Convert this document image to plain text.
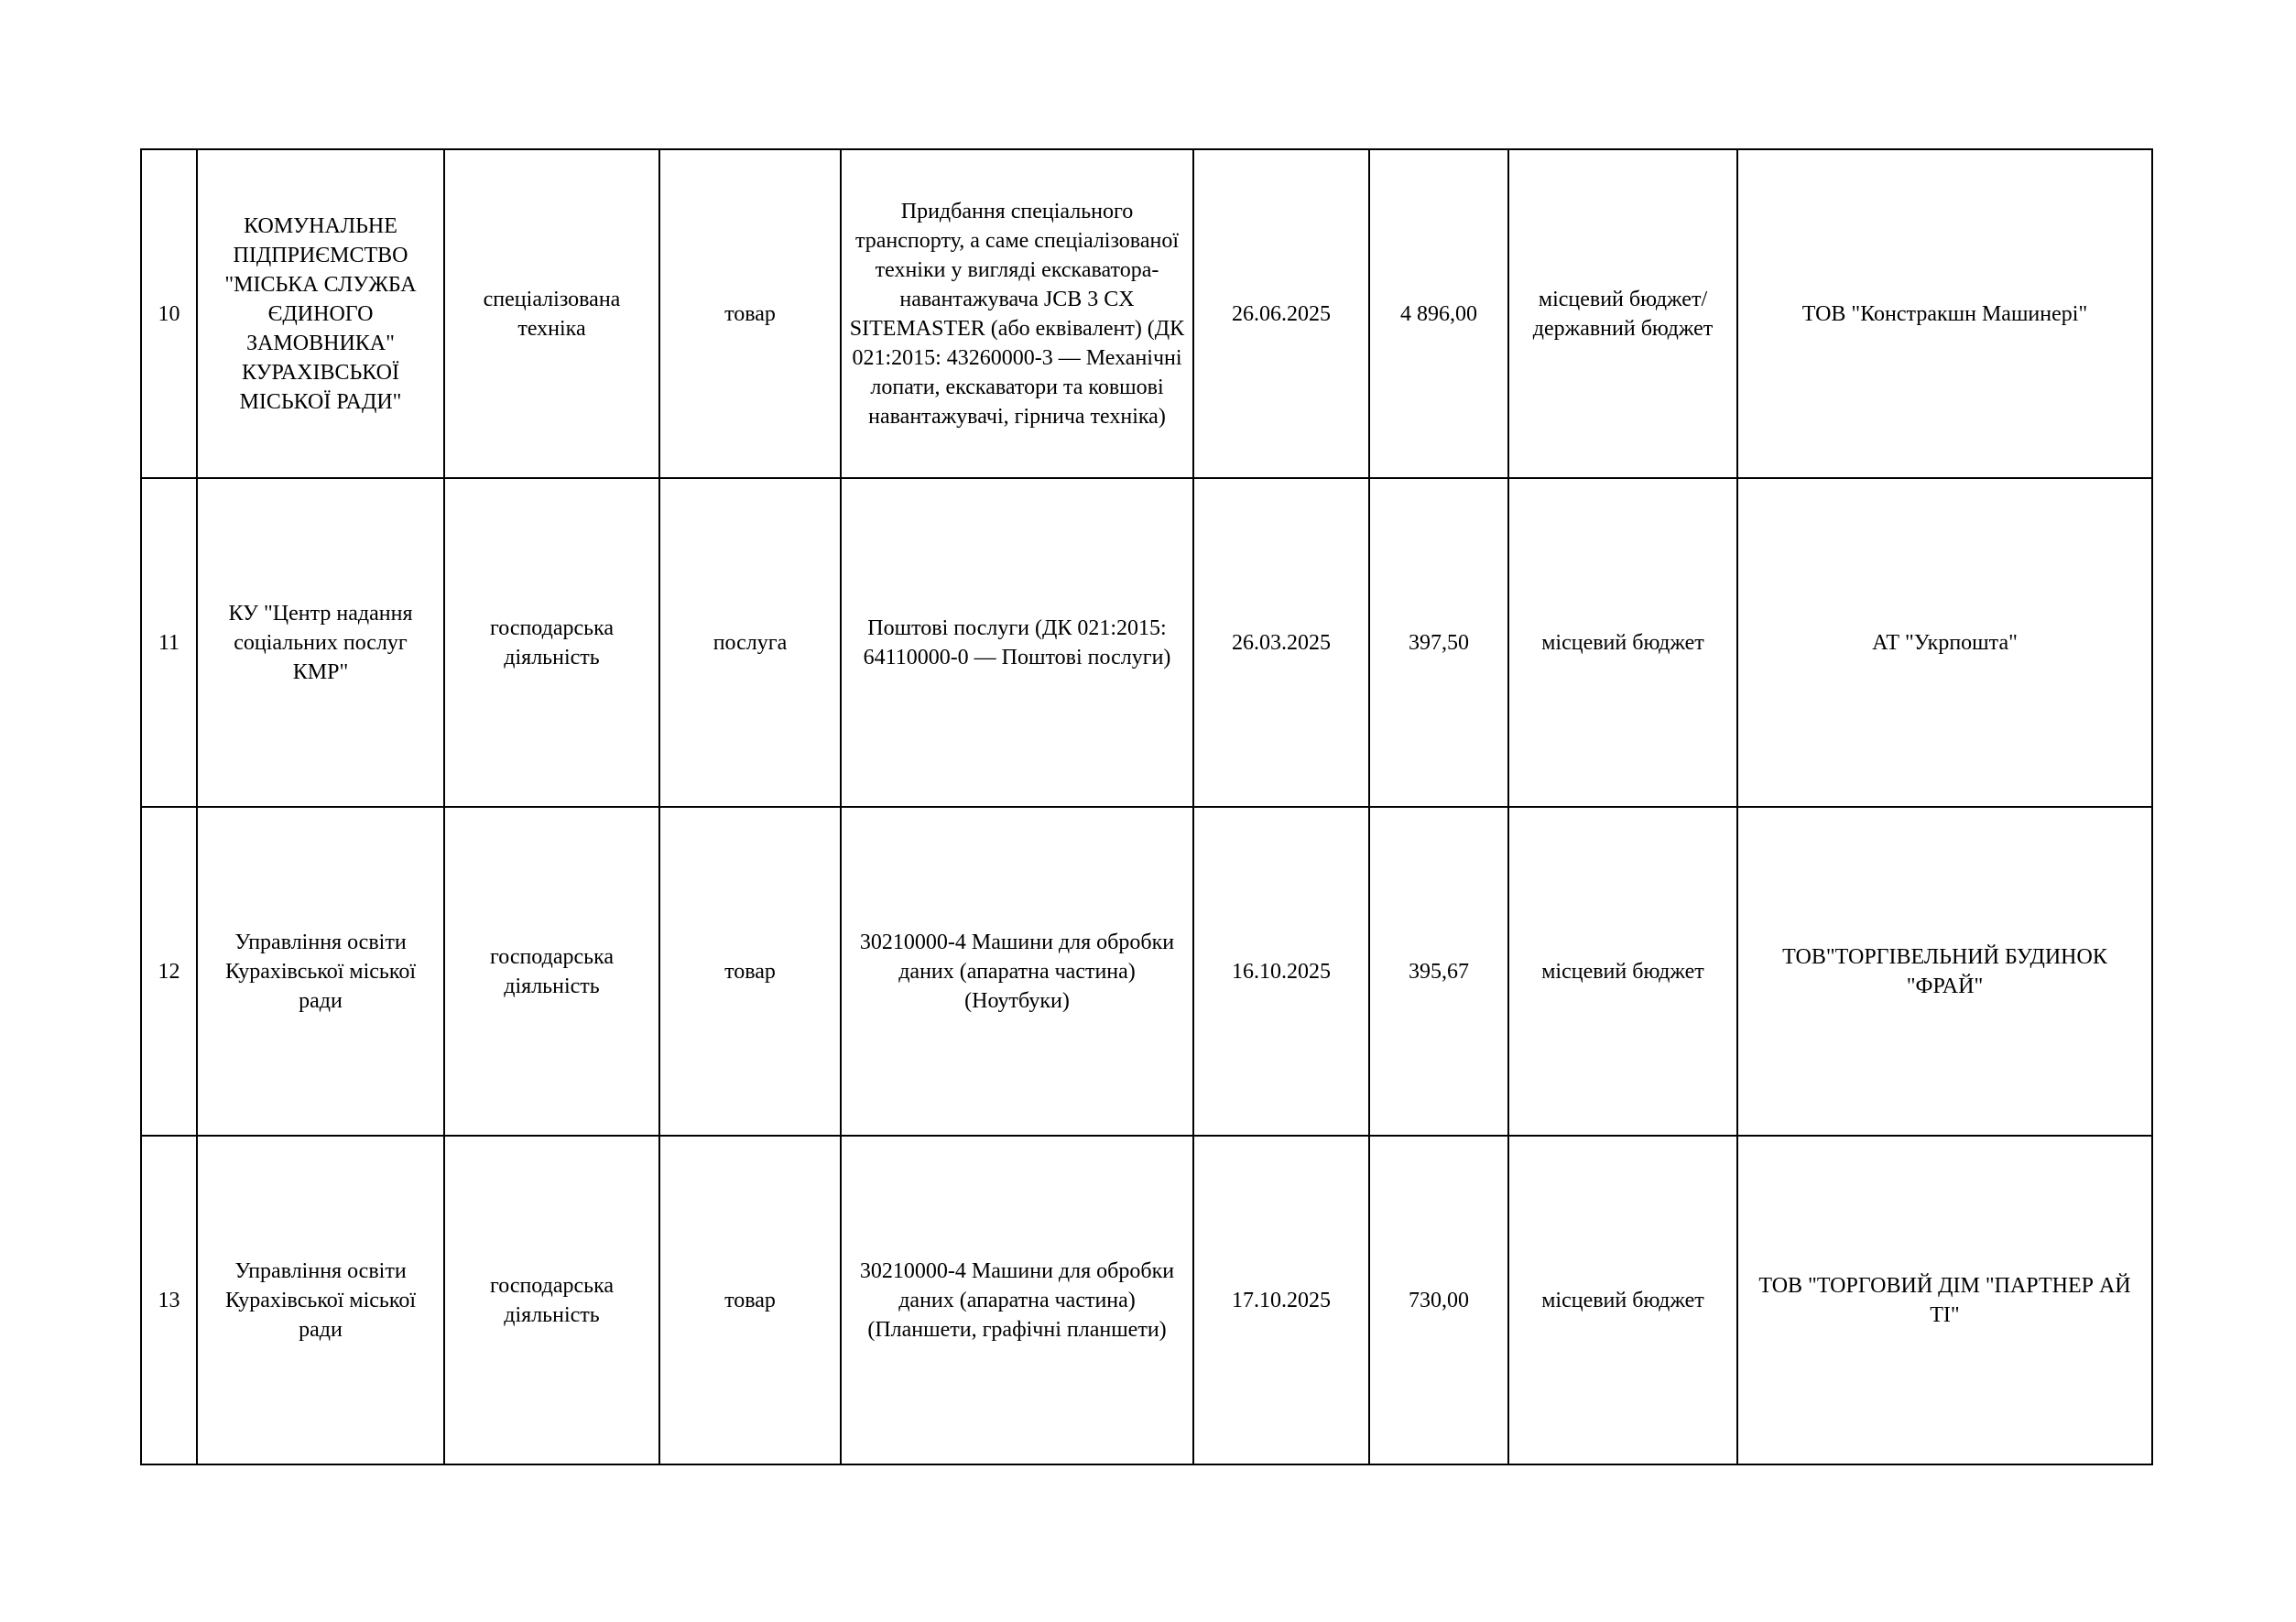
10	КОМУНАЛЬНЕ ПІДПРИЄМСТВО "МІСЬКА СЛУЖБА ЄДИНОГО ЗАМОВНИКА" КУРАХІВСЬКОЇ МІСЬКОЇ РАДИ"	спеціалізована техніка	товар	Придбання спеціального транспорту, а саме спеціалізованої техніки у вигляді екскаватора-навантажувача JCB 3 CX SITEMASTER (або еквівалент) (ДК 021:2015: 43260000-3 — Механічні лопати, екскаватори та ковшові навантажувачі, гірнича техніка)	26.06.2025	4 896,00	місцевий бюджет/державний бюджет	ТОВ "Констракшн Машинері"
11	КУ "Центр надання соціальних послуг КМР"	господарська діяльність	послуга	Поштові послуги (ДК 021:2015: 64110000-0 — Поштові послуги)	26.03.2025	397,50	місцевий бюджет	АТ "Укрпошта"
12	Управління освіти Курахівської міської ради	господарська діяльність	товар	30210000-4 Машини для обробки даних (апаратна частина) (Ноутбуки)	16.10.2025	395,67	місцевий бюджет	ТОВ"ТОРГІВЕЛЬНИЙ БУДИНОК "ФРАЙ"
13	Управління освіти Курахівської міської ради	господарська діяльність	товар	30210000-4 Машини для обробки даних (апаратна частина) (Планшети, графічні планшети)	17.10.2025	730,00	місцевий бюджет	ТОВ "ТОРГОВИЙ ДІМ "ПАРТНЕР АЙ ТІ"
